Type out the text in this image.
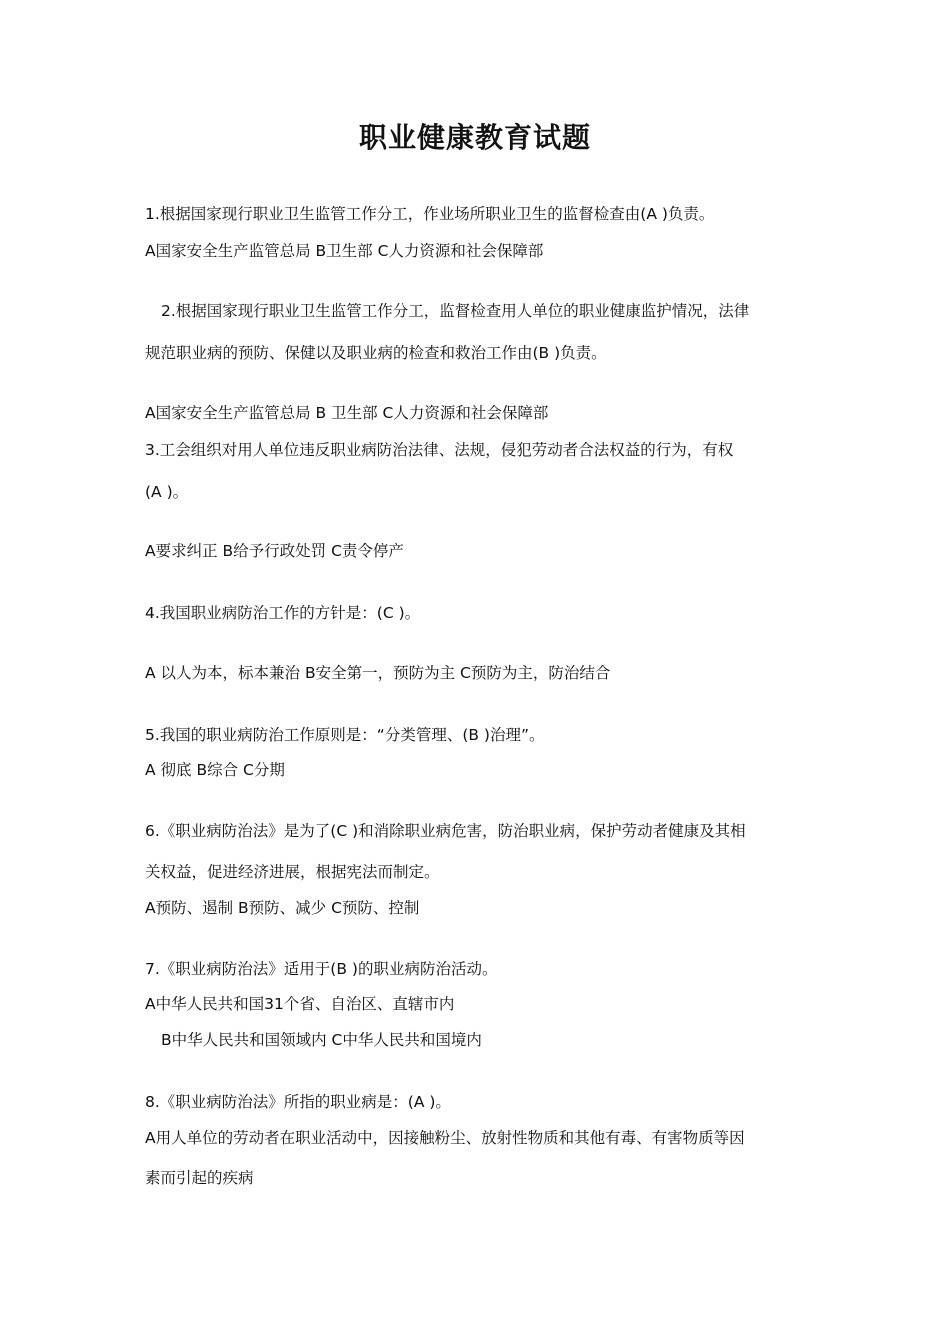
职业健康教育试题
1.根据国家现行职业卫生监管工作分工，作业场所职业卫生的监督检查由(A )负责。
A国家安全生产监管总局 B卫生部 C人力资源和社会保障部
2.根据国家现行职业卫生监管工作分工，监督检查用人单位的职业健康监护情况，法律
规范职业病的预防、保健以及职业病的检查和救治工作由(B )负责。
A国家安全生产监管总局 B 卫生部 C人力资源和社会保障部
3.工会组织对用人单位违反职业病防治法律、法规，侵犯劳动者合法权益的行为，有权
(A )。
A要求纠正 B给予行政处罚 C责令停产
4.我国职业病防治工作的方针是：(C )。
A 以人为本，标本兼治 B安全第一，预防为主 C预防为主，防治结合
5.我国的职业病防治工作原则是：“分类管理、(B )治理”。
A 彻底 B综合 C分期
6.《职业病防治法》是为了(C )和消除职业病危害，防治职业病，保护劳动者健康及其相
关权益，促进经济进展，根据宪法而制定。
A预防、遏制 B预防、减少 C预防、控制
7.《职业病防治法》适用于(B )的职业病防治活动。
A中华人民共和国31个省、自治区、直辖市内
B中华人民共和国领域内 C中华人民共和国境内
8.《职业病防治法》所指的职业病是：(A )。
A用人单位的劳动者在职业活动中，因接触粉尘、放射性物质和其他有毒、有害物质等因
素而引起的疾病
